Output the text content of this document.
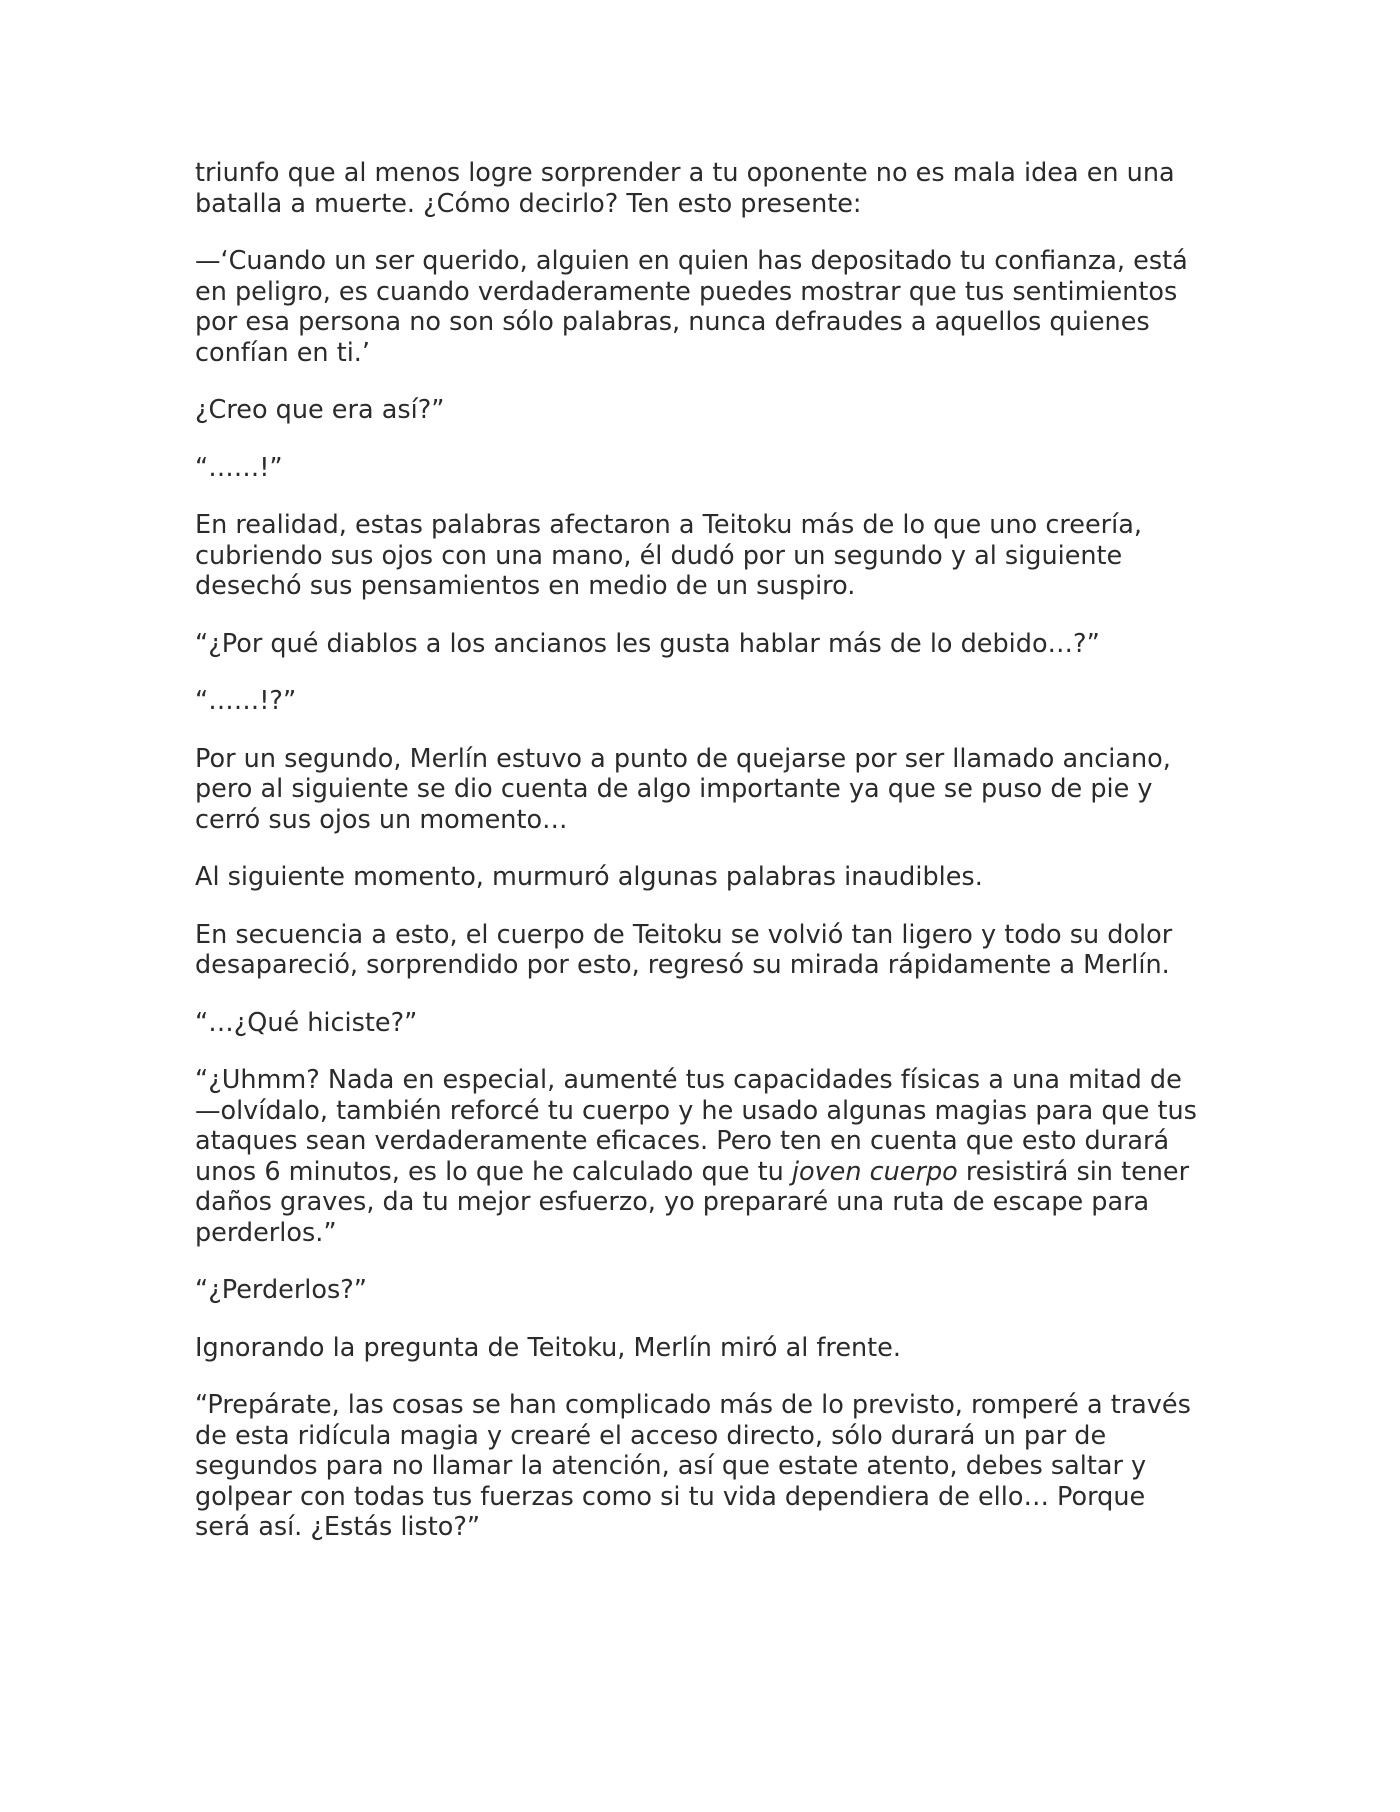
triunfo que al menos logre sorprender a tu oponente no es mala idea en una batalla a muerte. ¿Cómo decirlo? Ten esto presente:

—‘Cuando un ser querido, alguien en quien has depositado tu confianza, está en peligro, es cuando verdaderamente puedes mostrar que tus sentimientos por esa persona no son sólo palabras, nunca defraudes a aquellos quienes confían en ti.’

¿Creo que era así?”

“……!”

En realidad, estas palabras afectaron a Teitoku más de lo que uno creería, cubriendo sus ojos con una mano, él dudó por un segundo y al siguiente desechó sus pensamientos en medio de un suspiro.

“¿Por qué diablos a los ancianos les gusta hablar más de lo debido…?”

“……!?”

Por un segundo, Merlín estuvo a punto de quejarse por ser llamado anciano, pero al siguiente se dio cuenta de algo importante ya que se puso de pie y cerró sus ojos un momento…

Al siguiente momento, murmuró algunas palabras inaudibles.

En secuencia a esto, el cuerpo de Teitoku se volvió tan ligero y todo su dolor desapareció, sorprendido por esto, regresó su mirada rápidamente a Merlín.

“…¿Qué hiciste?”

“¿Uhmm? Nada en especial, aumenté tus capacidades físicas a una mitad de—olvídalo, también reforcé tu cuerpo y he usado algunas magias para que tus ataques sean verdaderamente eficaces. Pero ten en cuenta que esto durará unos 6 minutos, es lo que he calculado que tu joven cuerpo resistirá sin tener daños graves, da tu mejor esfuerzo, yo prepararé una ruta de escape para perderlos.”

“¿Perderlos?”

Ignorando la pregunta de Teitoku, Merlín miró al frente.

“Prepárate, las cosas se han complicado más de lo previsto, romperé a través de esta ridícula magia y crearé el acceso directo, sólo durará un par de segundos para no llamar la atención, así que estate atento, debes saltar y golpear con todas tus fuerzas como si tu vida dependiera de ello… Porque será así. ¿Estás listo?”
